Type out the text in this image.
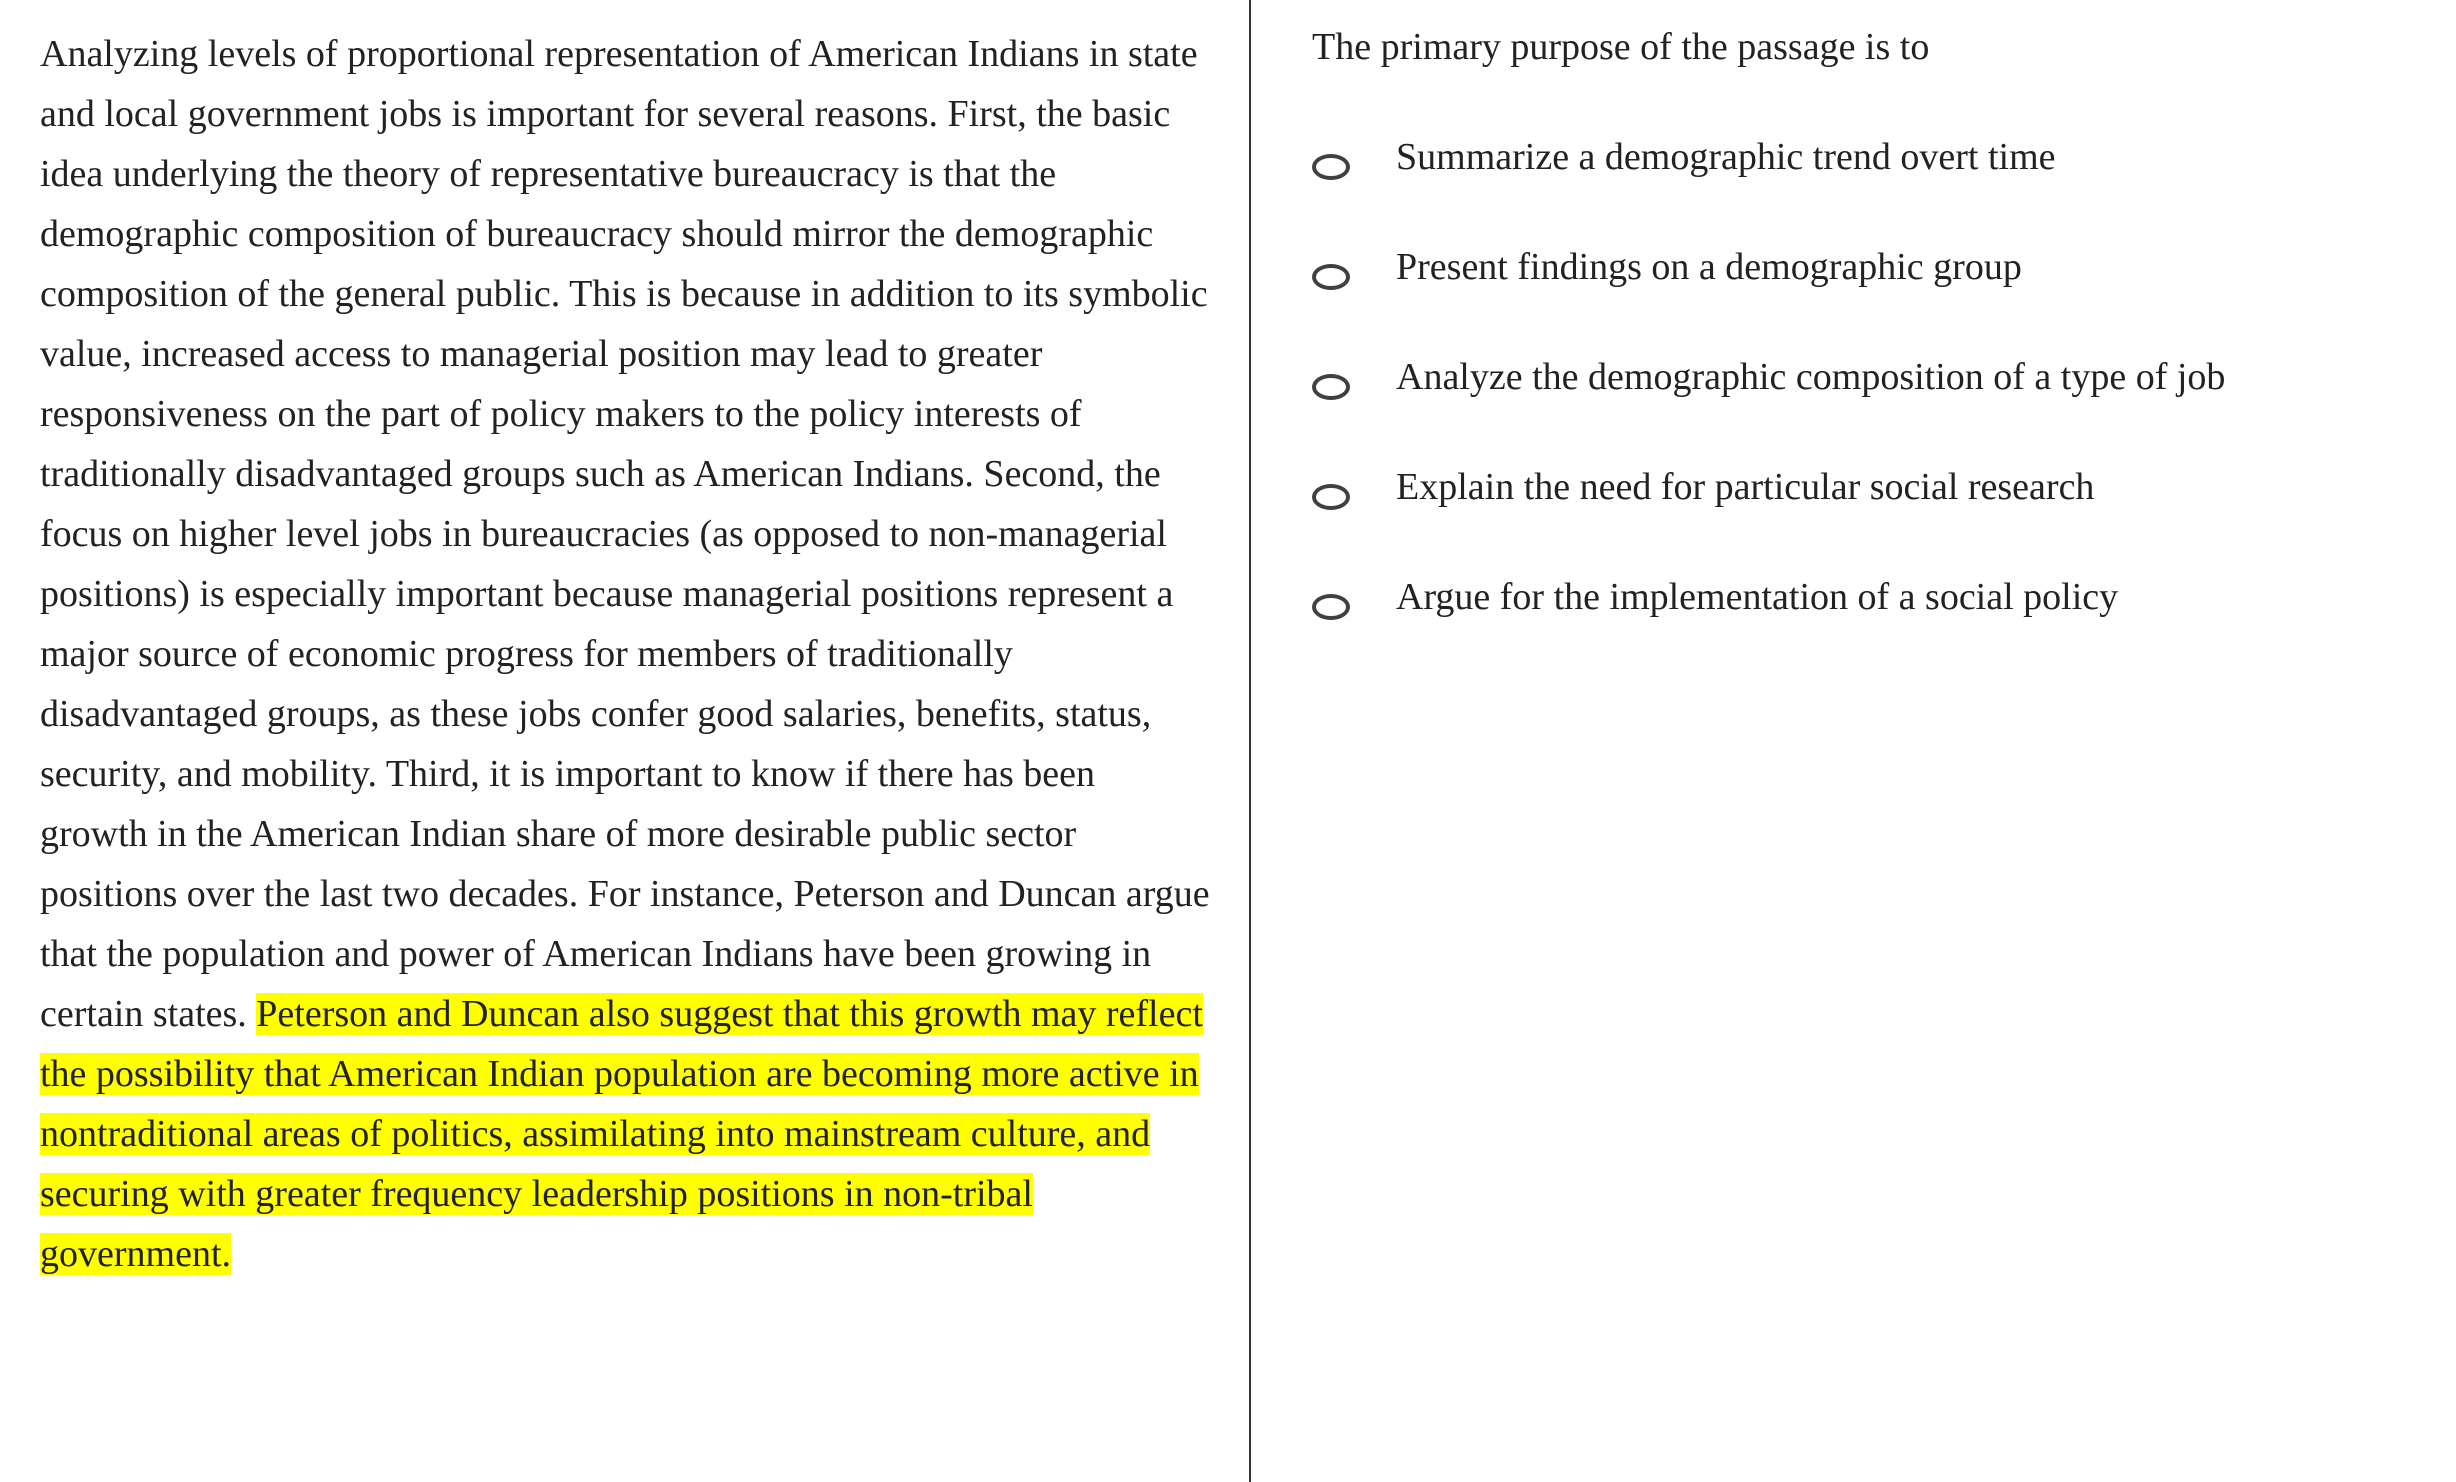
Analyzing levels of proportional representation of American Indians in state and local government jobs is important for several reasons. First, the basic idea underlying the theory of representative bureaucracy is that the demographic composition of bureaucracy should mirror the demographic composition of the general public. This is because in addition to its symbolic value, increased access to managerial position may lead to greater responsiveness on the part of policy makers to the policy interests of traditionally disadvantaged groups such as American Indians. Second, the focus on higher level jobs in bureaucracies (as opposed to non-managerial positions) is especially important because managerial positions represent a major source of economic progress for members of traditionally disadvantaged groups, as these jobs confer good salaries, benefits, status, security, and mobility. Third, it is important to know if there has been growth in the American Indian share of more desirable public sector positions over the last two decades. For instance, Peterson and Duncan argue that the population and power of American Indians have been growing in certain states. Peterson and Duncan also suggest that this growth may reflect the possibility that American Indian population are becoming more active in nontraditional areas of politics, assimilating into mainstream culture, and securing with greater frequency leadership positions in non-tribal government.

The primary purpose of the passage is to

Summarize a demographic trend overt time
Present findings on a demographic group
Analyze the demographic composition of a type of job
Explain the need for particular social research
Argue for the implementation of a social policy
